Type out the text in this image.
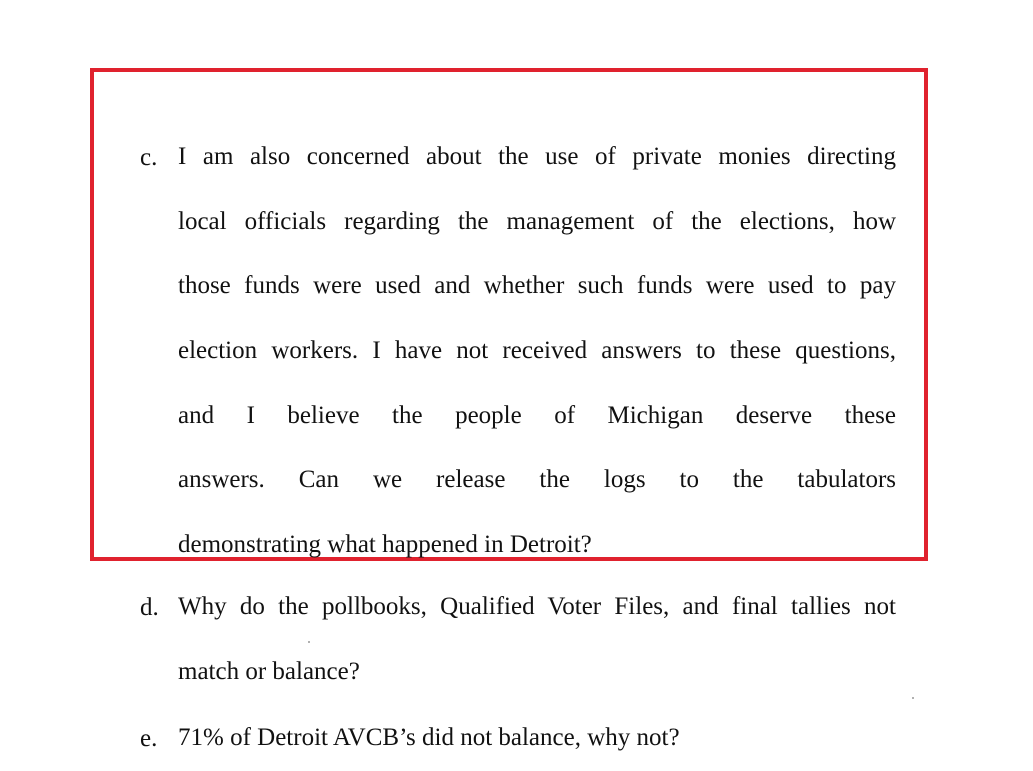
c. I am also concerned about the use of private monies directing
local officials regarding the management of the elections, how
those funds were used and whether such funds were used to pay
election workers. I have not received answers to these questions,
and I believe the people of Michigan deserve these
answers. Can we release the logs to the tabulators
demonstrating what happened in Detroit?
d. Why do the pollbooks, Qualified Voter Files, and final tallies not
match or balance?
e. 71% of Detroit AVCB’s did not balance, why not?
